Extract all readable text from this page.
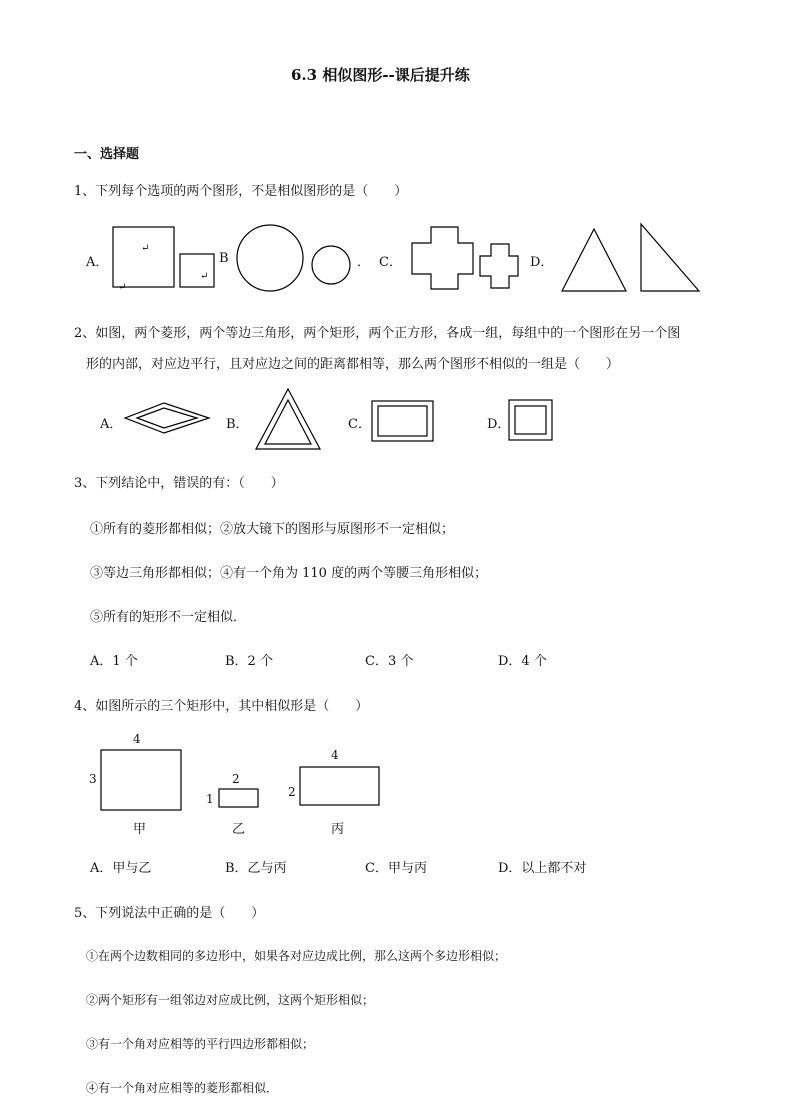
6.3 相似图形--课后提升练
一、选择题
1、下列每个选项的两个图形，不是相似图形的是（　　）
A．	B	． C．	D．
↵
↵
↵
2、如图，两个菱形，两个等边三角形，两个矩形，两个正方形，各成一组，每组中的一个图形在另一个图
形的内部，对应边平行，且对应边之间的距离都相等，那么两个图形不相似的一组是（　　）
A．	B．	C．	D．
3、下列结论中，错误的有：（　　）
①所有的菱形都相似；②放大镜下的图形与原图形不一定相似；
③等边三角形都相似；④有一个角为 110 度的两个等腰三角形相似；
⑤所有的矩形不一定相似．
A．1 个	B．2 个	C．3 个	D．4 个
4、如图所示的三个矩形中，其中相似形是（　　）
4
3
甲
2
1
乙
4
2
丙
A．甲与乙	B．乙与丙	C．甲与丙	D．以上都不对
5、下列说法中正确的是（　　）
①在两个边数相同的多边形中，如果各对应边成比例，那么这两个多边形相似；
②两个矩形有一组邻边对应成比例，这两个矩形相似；
③有一个角对应相等的平行四边形都相似；
④有一个角对应相等的菱形都相似．
